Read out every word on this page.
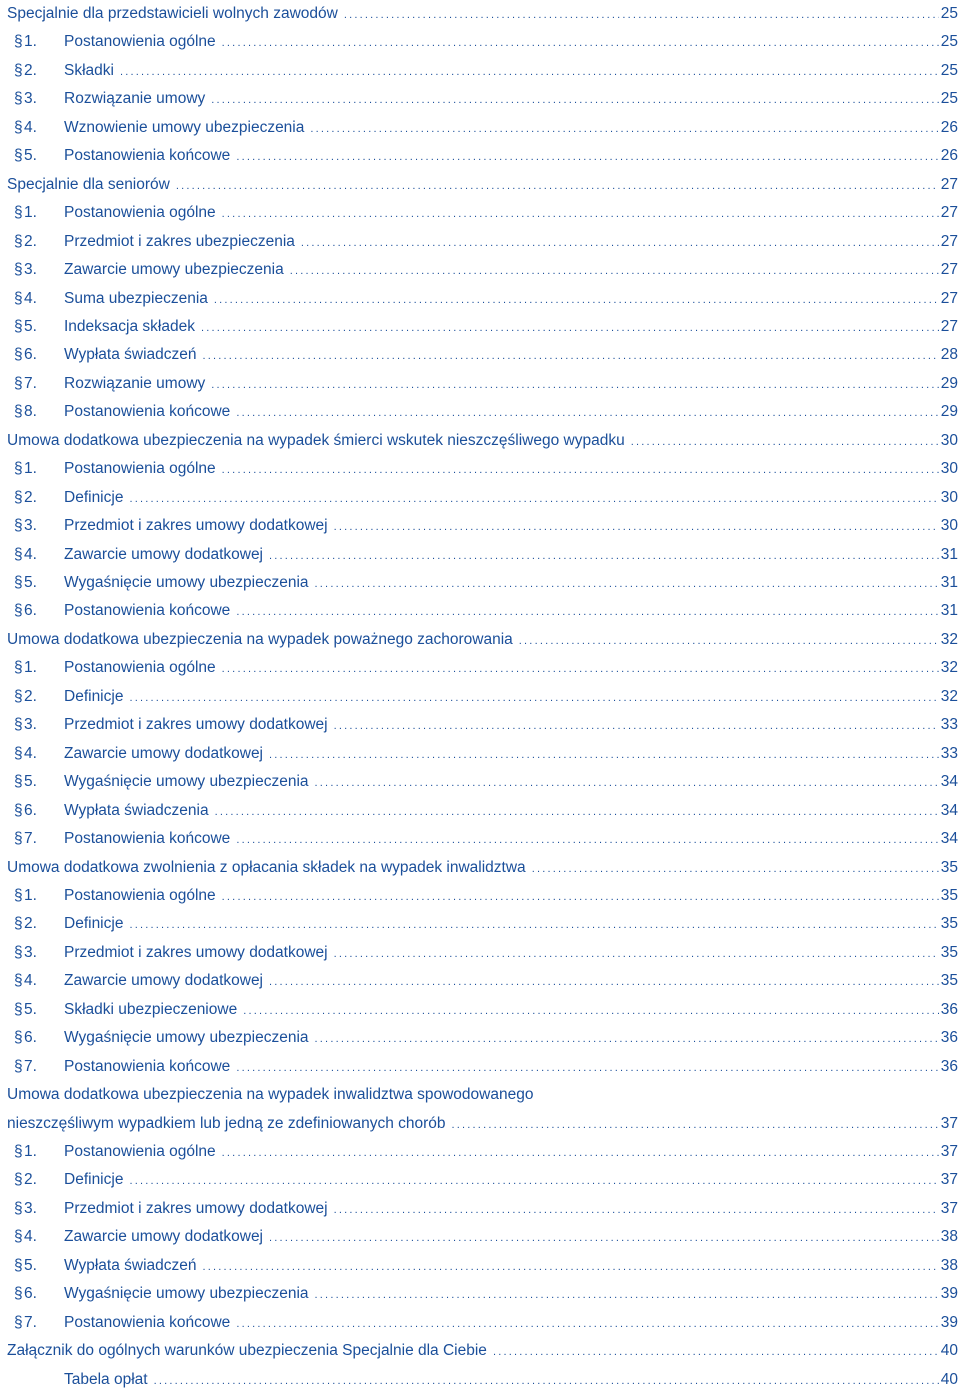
Specjalnie dla przedstawicieli wolnych zawodów .....	25
§ 1.	Postanowienia ogólne .....	25
§ 2.	Składki .....	25
§ 3.	Rozwiązanie umowy .....	25
§ 4.	Wznowienie umowy ubezpieczenia .....	26
§ 5.	Postanowienia końcowe .....	26
Specjalnie dla seniorów .....	27
§ 1.	Postanowienia ogólne .....	27
§ 2.	Przedmiot i zakres ubezpieczenia .....	27
§ 3.	Zawarcie umowy ubezpieczenia .....	27
§ 4.	Suma ubezpieczenia .....	27
§ 5.	Indeksacja składek .....	27
§ 6.	Wypłata świadczeń .....	28
§ 7.	Rozwiązanie umowy .....	29
§ 8.	Postanowienia końcowe .....	29
Umowa dodatkowa ubezpieczenia na wypadek śmierci wskutek nieszczęśliwego wypadku .....	30
§ 1.	Postanowienia ogólne .....	30
§ 2.	Definicje .....	30
§ 3.	Przedmiot i zakres umowy dodatkowej .....	30
§ 4.	Zawarcie umowy dodatkowej .....	31
§ 5.	Wygaśnięcie umowy ubezpieczenia .....	31
§ 6.	Postanowienia końcowe .....	31
Umowa dodatkowa ubezpieczenia na wypadek poważnego zachorowania .....	32
§ 1.	Postanowienia ogólne .....	32
§ 2.	Definicje .....	32
§ 3.	Przedmiot i zakres umowy dodatkowej .....	33
§ 4.	Zawarcie umowy dodatkowej .....	33
§ 5.	Wygaśnięcie umowy ubezpieczenia .....	34
§ 6.	Wypłata świadczenia .....	34
§ 7.	Postanowienia końcowe .....	34
Umowa dodatkowa zwolnienia z opłacania składek na wypadek inwalidztwa .....	35
§ 1.	Postanowienia ogólne .....	35
§ 2.	Definicje .....	35
§ 3.	Przedmiot i zakres umowy dodatkowej .....	35
§ 4.	Zawarcie umowy dodatkowej .....	35
§ 5.	Składki ubezpieczeniowe .....	36
§ 6.	Wygaśnięcie umowy ubezpieczenia .....	36
§ 7.	Postanowienia końcowe .....	36
Umowa dodatkowa ubezpieczenia na wypadek inwalidztwa spowodowanego
nieszczęśliwym wypadkiem lub jedną ze zdefiniowanych chorób .....	37
§ 1.	Postanowienia ogólne .....	37
§ 2.	Definicje .....	37
§ 3.	Przedmiot i zakres umowy dodatkowej .....	37
§ 4.	Zawarcie umowy dodatkowej .....	38
§ 5.	Wypłata świadczeń .....	38
§ 6.	Wygaśnięcie umowy ubezpieczenia .....	39
§ 7.	Postanowienia końcowe .....	39
Załącznik do ogólnych warunków ubezpieczenia Specjalnie dla Ciebie .....	40
Tabela opłat .....	40
